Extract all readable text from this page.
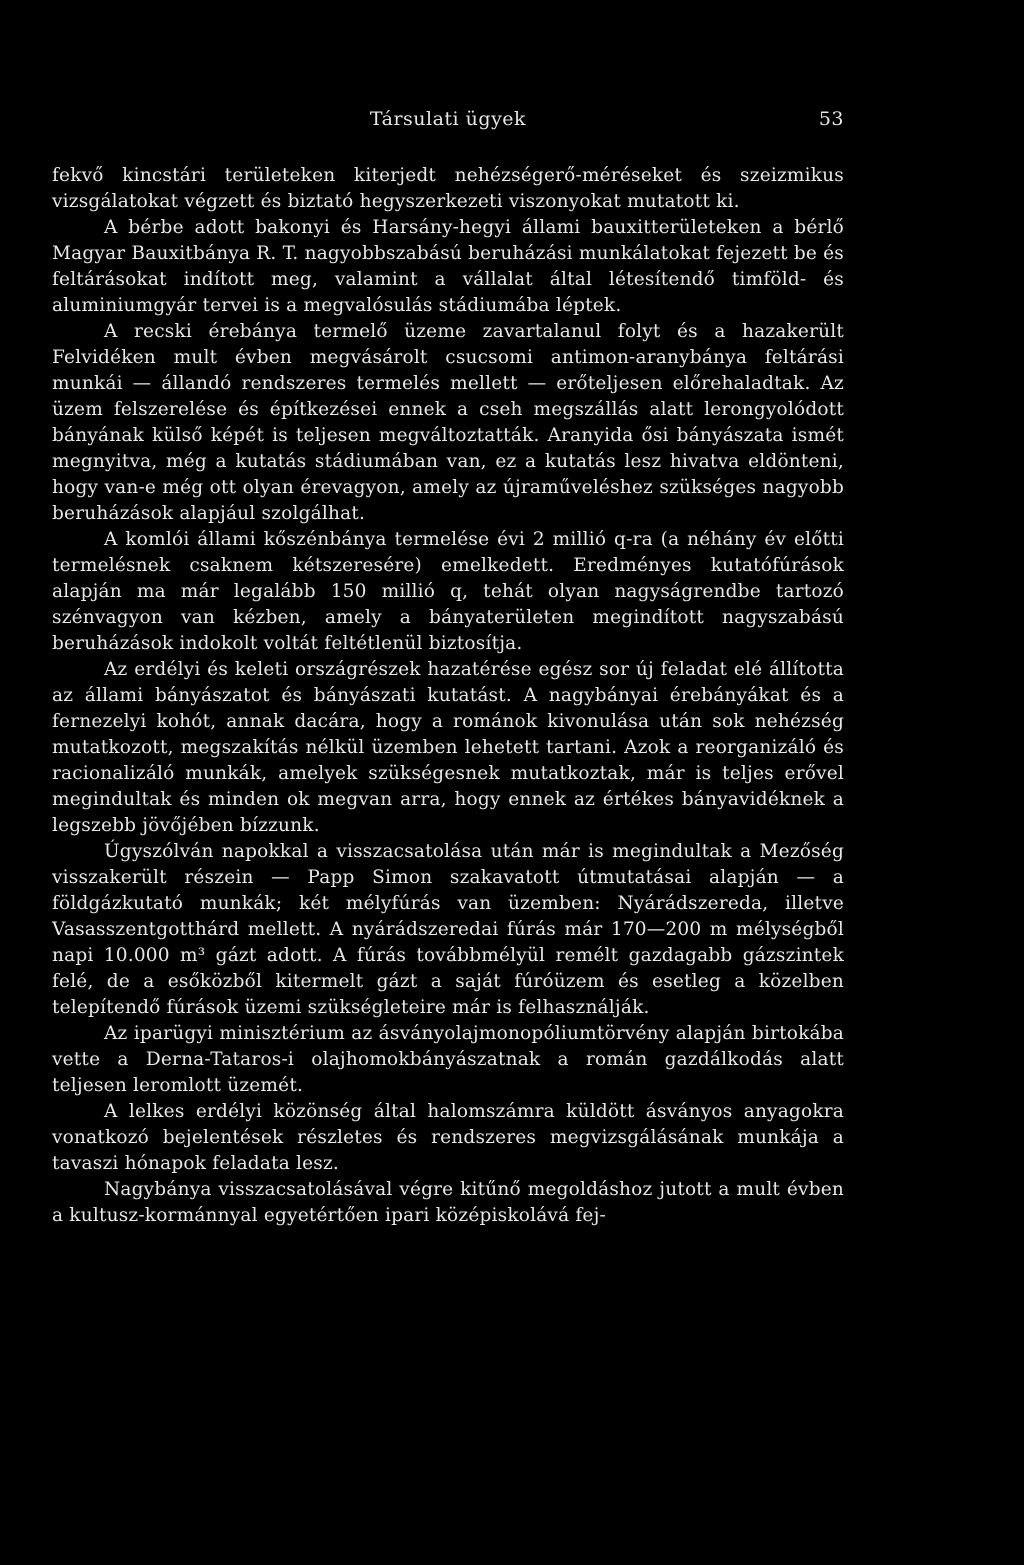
Társulati ügyek	53

fekvő kincstári területeken kiterjedt nehézségerő-méréseket és szeizmikus vizsgálatokat végzett és biztató hegyszerkezeti viszonyokat mutatott ki.

A bérbe adott bakonyi és Harsány-hegyi állami bauxitterületeken a bérlő Magyar Bauxitbánya R. T. nagyobbszabású beruházási munkálatokat fejezett be és feltárásokat indított meg, valamint a vállalat által létesítendő timföld- és aluminiumgyár tervei is a megvalósulás stádiumába léptek.

A recski érebánya termelő üzeme zavartalanul folyt és a hazakerült Felvidéken mult évben megvásárolt csucsomi antimon-aranybánya feltárási munkái — állandó rendszeres termelés mellett — erőteljesen előrehaladtak. Az üzem felszerelése és építkezései ennek a cseh megszállás alatt lerongyolódott bányának külső képét is teljesen megváltoztatták. Aranyida ősi bányászata ismét megnyitva, még a kutatás stádiumában van, ez a kutatás lesz hivatva eldönteni, hogy van-e még ott olyan érevagyon, amely az újraműveléshez szükséges nagyobb beruházások alapjául szolgálhat.

A komlói állami kőszénbánya termelése évi 2 millió q-ra (a néhány év előtti termelésnek csaknem kétszeresére) emelkedett. Eredményes kutatófúrások alapján ma már legalább 150 millió q, tehát olyan nagyságrendbe tartozó szénvagyon van kézben, amely a bányaterületen megindított nagyszabású beruházások indokolt voltát feltétlenül biztosítja.

Az erdélyi és keleti országrészek hazatérése egész sor új feladat elé állította az állami bányászatot és bányászati kutatást. A nagybányai érebányákat és a fernezelyi kohót, annak dacára, hogy a románok kivonulása után sok nehézség mutatkozott, megszakítás nélkül üzemben lehetett tartani. Azok a reorganizáló és racionalizáló munkák, amelyek szükségesnek mutatkoztak, már is teljes erővel megindultak és minden ok megvan arra, hogy ennek az értékes bányavidéknek a legszebb jövőjében bízzunk.

Úgyszólván napokkal a visszacsatolása után már is megindultak a Mezőség visszakerült részein — Papp Simon szakavatott útmutatásai alapján — a földgázkutató munkák; két mélyfúrás van üzemben: Nyárádszereda, illetve Vasasszentgotthárd mellett. A nyárádszeredai fúrás már 170—200 m mélységből napi 10.000 m³ gázt adott. A fúrás továbbmélyül remélt gazdagabb gázszintek felé, de a esőközből kitermelt gázt a saját fúróüzem és esetleg a közelben telepítendő fúrások üzemi szükségleteire már is felhasználják.

Az iparügyi minisztérium az ásványolajmonopóliumtörvény alapján birtokába vette a Derna-Tataros-i olajhomokbányászatnak a román gazdálkodás alatt teljesen leromlott üzemét.

A lelkes erdélyi közönség által halomszámra küldött ásványos anyagokra vonatkozó bejelentések részletes és rendszeres megvizsgálásának munkája a tavaszi hónapok feladata lesz.

Nagybánya visszacsatolásával végre kitűnő megoldáshoz jutott a mult évben a kultusz-kormánnyal egyetértően ipari középiskolává fej-
